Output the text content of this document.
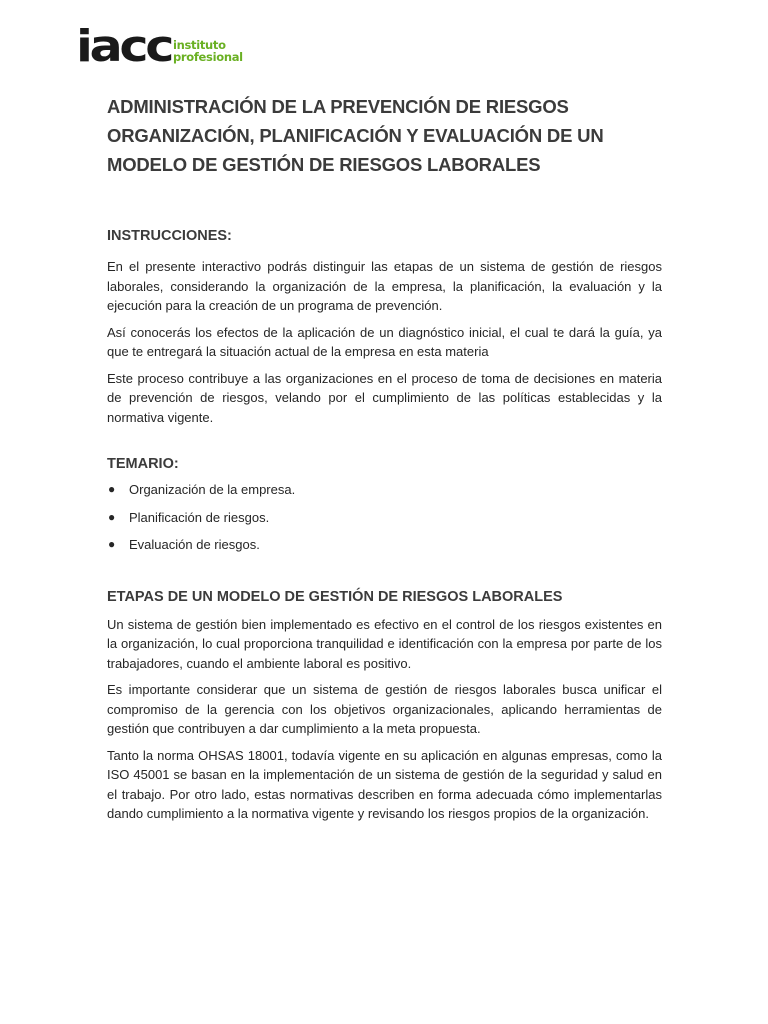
iacc instituto
profesional
ADMINISTRACIÓN DE LA PREVENCIÓN DE RIESGOS
ORGANIZACIÓN, PLANIFICACIÓN Y EVALUACIÓN DE UN
MODELO DE GESTIÓN DE RIESGOS LABORALES
INSTRUCCIONES:

En el presente interactivo podrás distinguir las etapas de un sistema de gestión de riesgos laborales, considerando la organización de la empresa, la planificación, la evaluación y la ejecución para la creación de un programa de prevención.

Así conocerás los efectos de la aplicación de un diagnóstico inicial, el cual te dará la guía, ya que te entregará la situación actual de la empresa en esta materia

Este proceso contribuye a las organizaciones en el proceso de toma de decisiones en materia de prevención de riesgos, velando por el cumplimiento de las políticas establecidas y la normativa vigente.

TEMARIO:
● Organización de la empresa.
● Planificación de riesgos.
● Evaluación de riesgos.
ETAPAS DE UN MODELO DE GESTIÓN DE RIESGOS LABORALES

Un sistema de gestión bien implementado es efectivo en el control de los riesgos existentes en la organización, lo cual proporciona tranquilidad e identificación con la empresa por parte de los trabajadores, cuando el ambiente laboral es positivo.

Es importante considerar que un sistema de gestión de riesgos laborales busca unificar el compromiso de la gerencia con los objetivos organizacionales, aplicando herramientas de gestión que contribuyen a dar cumplimiento a la meta propuesta.

Tanto la norma OHSAS 18001, todavía vigente en su aplicación en algunas empresas, como la ISO 45001 se basan en la implementación de un sistema de gestión de la seguridad y salud en el trabajo. Por otro lado, estas normativas describen en forma adecuada cómo implementarlas dando cumplimiento a la normativa vigente y revisando los riesgos propios de la organización.
